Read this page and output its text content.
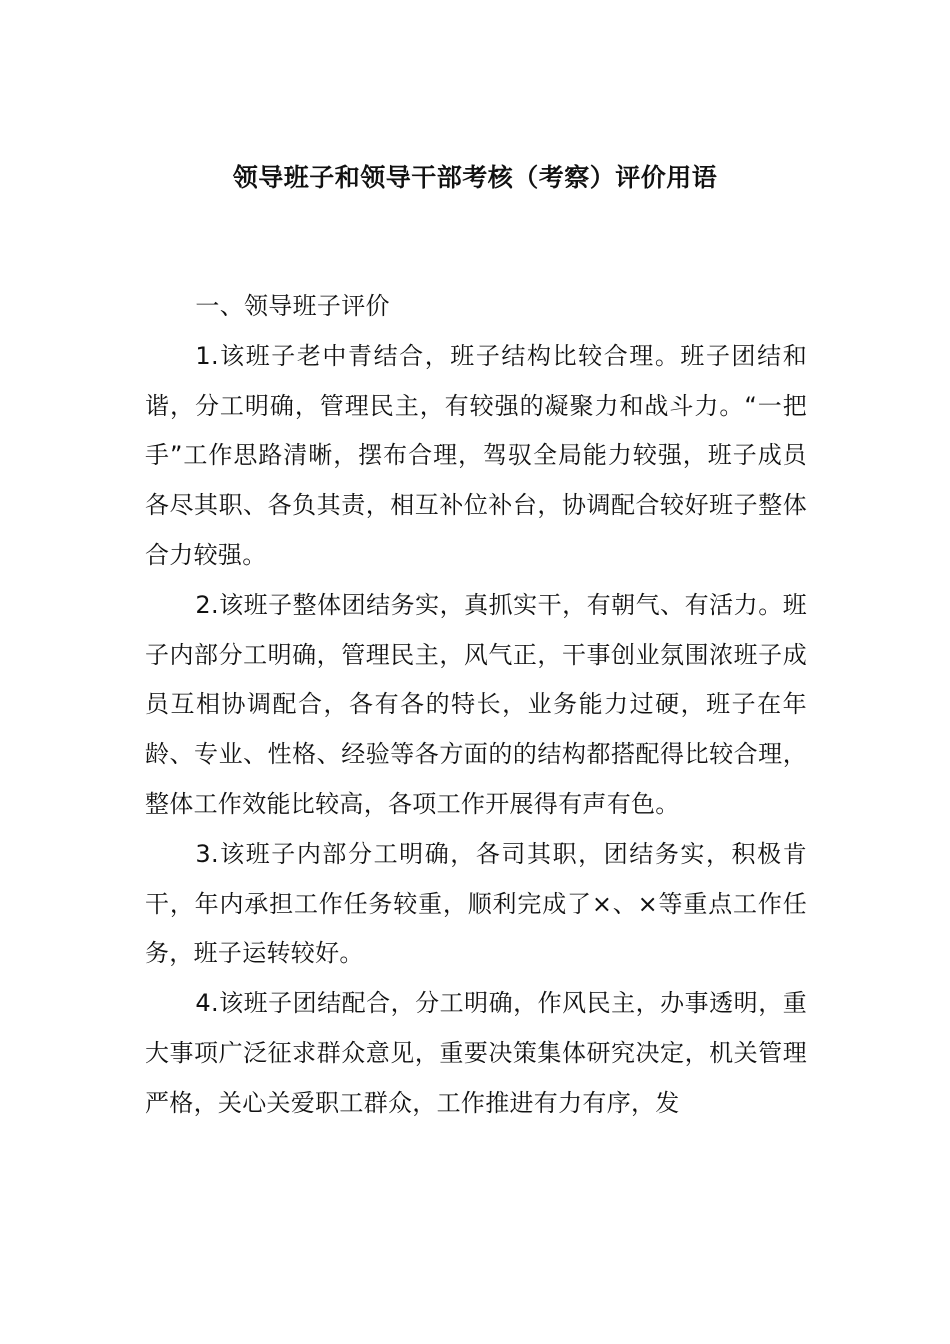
领导班子和领导干部考核（考察）评价用语

一、领导班子评价

1.该班子老中青结合，班子结构比较合理。班子团结和谐，分工明确，管理民主，有较强的凝聚力和战斗力。“一把手”工作思路清晰，摆布合理，驾驭全局能力较强，班子成员各尽其职、各负其责，相互补位补台，协调配合较好班子整体合力较强。

2.该班子整体团结务实，真抓实干，有朝气、有活力。班子内部分工明确，管理民主，风气正，干事创业氛围浓班子成员互相协调配合，各有各的特长，业务能力过硬，班子在年龄、专业、性格、经验等各方面的的结构都搭配得比较合理，整体工作效能比较高，各项工作开展得有声有色。

3.该班子内部分工明确，各司其职，团结务实，积极肯干，年内承担工作任务较重，顺利完成了×、×等重点工作任务，班子运转较好。

4.该班子团结配合，分工明确，作风民主，办事透明，重大事项广泛征求群众意见，重要决策集体研究决定，机关管理严格，关心关爱职工群众，工作推进有力有序，发
